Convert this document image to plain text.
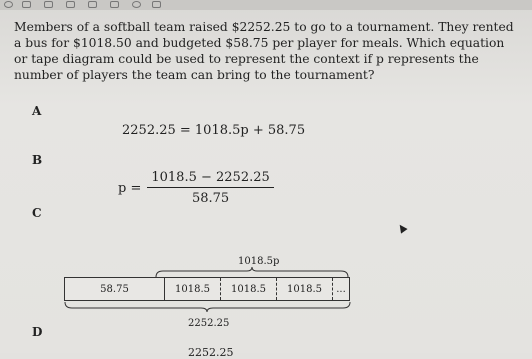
Members of a softball team raised $2252.25 to go to a tournament. They rented a bus for $1018.50 and budgeted $58.75 per player for meals. Which equation or tape diagram could be used to represent the context if p represents the number of players the team can bring to the tournament?
A
2252.25 = 1018.5p + 58.75
B
$p = \frac{1018.5 - 2252.25}{58.75}$
C
1018.5p
58.75	1018.5	1018.5	1018.5	...
2252.25
D
2252.25
